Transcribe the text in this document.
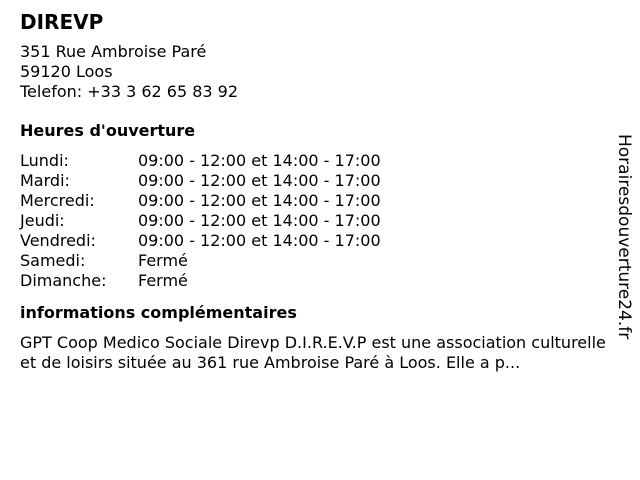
DIREVP
351 Rue Ambroise Paré
59120 Loos
Telefon: +33 3 62 65 83 92
Heures d'ouverture
Lundi:	09:00 - 12:00 et 14:00 - 17:00
Mardi:	09:00 - 12:00 et 14:00 - 17:00
Mercredi:	09:00 - 12:00 et 14:00 - 17:00
Jeudi:	09:00 - 12:00 et 14:00 - 17:00
Vendredi:	09:00 - 12:00 et 14:00 - 17:00
Samedi:	Fermé
Dimanche:	Fermé
informations complémentaires
GPT Coop Medico Sociale Direvp D.I.R.E.V.P est une association culturelle et de loisirs située au 361 rue Ambroise Paré à Loos. Elle a p...
Horairesdouverture24.fr
